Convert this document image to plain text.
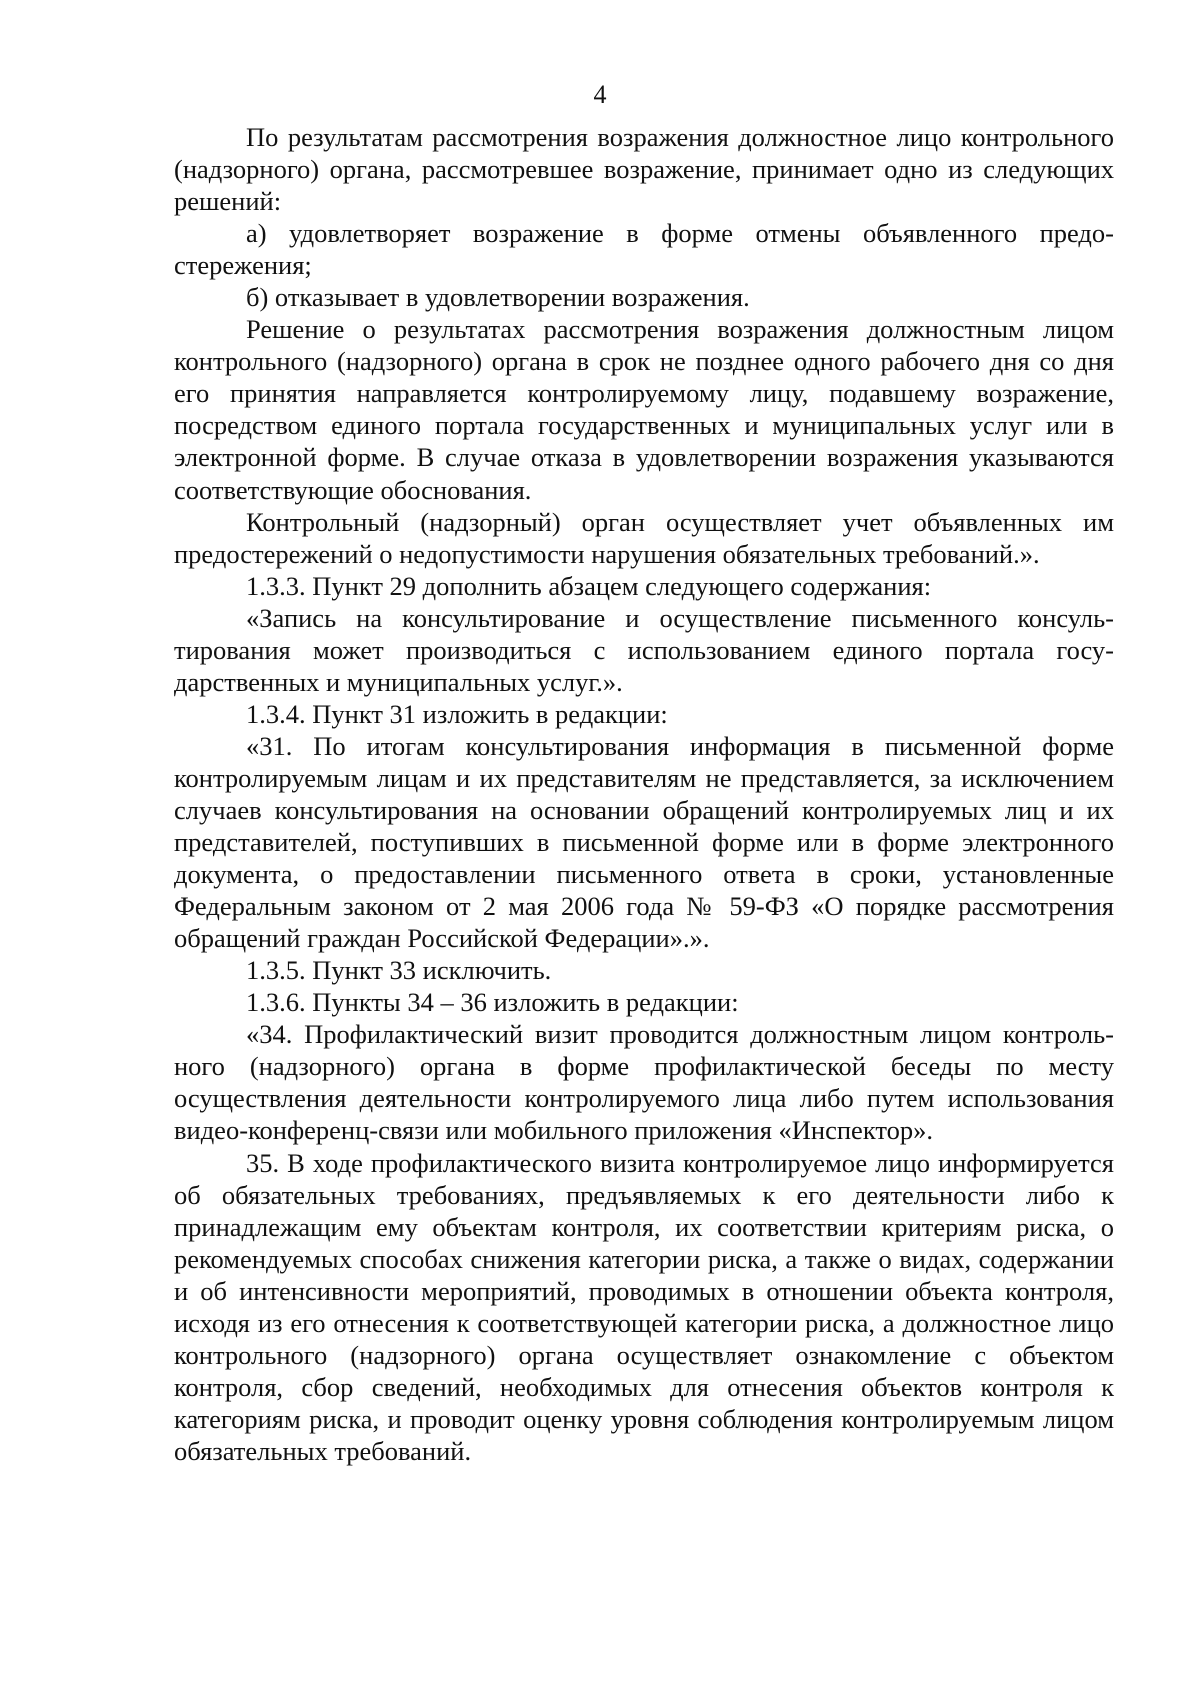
4

По результатам рассмотрения возражения должностное лицо контрольного (надзорного) органа, рассмотревшее возражение, принимает одно из следующих решений:

а) удовлетворяет возражение в форме отмены объявленного предостережения;

б) отказывает в удовлетворении возражения.

Решение о результатах рассмотрения возражения должностным лицом контрольного (надзорного) органа в срок не позднее одного рабочего дня со дня его принятия направляется контролируемому лицу, подавшему возражение, посредством единого портала государственных и муниципальных услуг или в электронной форме. В случае отказа в удовлетворении возражения указываются соответствующие обоснования.

Контрольный (надзорный) орган осуществляет учет объявленных им предостережений о недопустимости нарушения обязательных требований.».

1.3.3. Пункт 29 дополнить абзацем следующего содержания:

«Запись на консультирование и осуществление письменного консультирования может производиться с использованием единого портала государственных и муниципальных услуг.».

1.3.4. Пункт 31 изложить в редакции:

«31. По итогам консультирования информация в письменной форме контролируемым лицам и их представителям не представляется, за исключением случаев консультирования на основании обращений контролируемых лиц и их представителей, поступивших в письменной форме или в форме электронного документа, о предоставлении письменного ответа в сроки, установленные Федеральным законом от 2 мая 2006 года № 59-ФЗ «О порядке рассмотрения обращений граждан Российской Федерации».».

1.3.5. Пункт 33 исключить.

1.3.6. Пункты 34 – 36 изложить в редакции:

«34. Профилактический визит проводится должностным лицом контрольного (надзорного) органа в форме профилактической беседы по месту осуществления деятельности контролируемого лица либо путем использования видео-конференц-связи или мобильного приложения «Инспектор».

35. В ходе профилактического визита контролируемое лицо информируется об обязательных требованиях, предъявляемых к его деятельности либо к принадлежащим ему объектам контроля, их соответствии критериям риска, о рекомендуемых способах снижения категории риска, а также о видах, содержании и об интенсивности мероприятий, проводимых в отношении объекта контроля, исходя из его отнесения к соответствующей категории риска, а должностное лицо контрольного (надзорного) органа осуществляет ознакомление с объектом контроля, сбор сведений, необходимых для отнесения объектов контроля к категориям риска, и проводит оценку уровня соблюдения контролируемым лицом обязательных требований.
